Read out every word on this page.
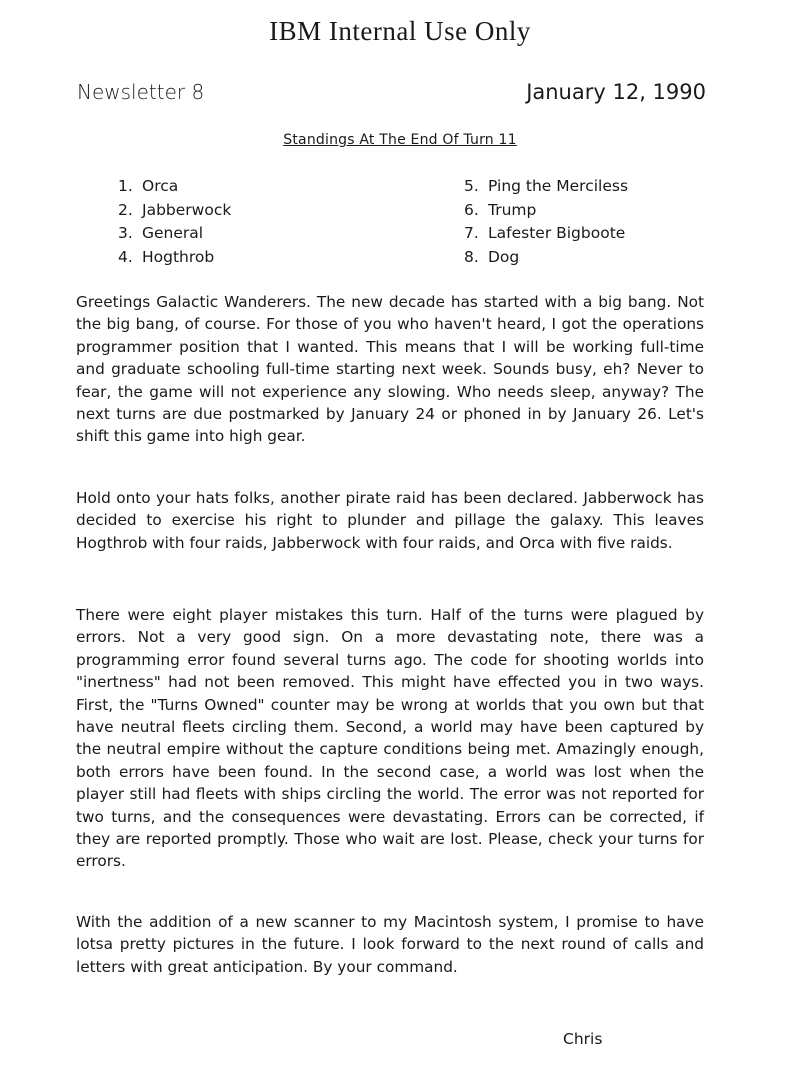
IBM Internal Use Only
Newsletter 8	January 12, 1990
Standings At The End Of Turn 11
1. Orca
2. Jabberwock
3. General
4. Hogthrob
5. Ping the Merciless
6. Trump
7. Lafester Bigboote
8. Dog

Greetings Galactic Wanderers. The new decade has started with a big bang. Not the big bang, of course. For those of you who haven't heard, I got the operations programmer position that I wanted. This means that I will be working full-time and graduate schooling full-time starting next week. Sounds busy, eh? Never to fear, the game will not experience any slowing. Who needs sleep, anyway? The next turns are due postmarked by January 24 or phoned in by January 26. Let's shift this game into high gear.

Hold onto your hats folks, another pirate raid has been declared. Jabberwock has decided to exercise his right to plunder and pillage the galaxy. This leaves Hogthrob with four raids, Jabberwock with four raids, and Orca with five raids.

There were eight player mistakes this turn. Half of the turns were plagued by errors. Not a very good sign. On a more devastating note, there was a programming error found several turns ago. The code for shooting worlds into "inertness" had not been removed. This might have effected you in two ways. First, the "Turns Owned" counter may be wrong at worlds that you own but that have neutral fleets circling them. Second, a world may have been captured by the neutral empire without the capture conditions being met. Amazingly enough, both errors have been found. In the second case, a world was lost when the player still had fleets with ships circling the world. The error was not reported for two turns, and the consequences were devastating. Errors can be corrected, if they are reported promptly. Those who wait are lost. Please, check your turns for errors.

With the addition of a new scanner to my Macintosh system, I promise to have lotsa pretty pictures in the future. I look forward to the next round of calls and letters with great anticipation. By your command.

Chris
